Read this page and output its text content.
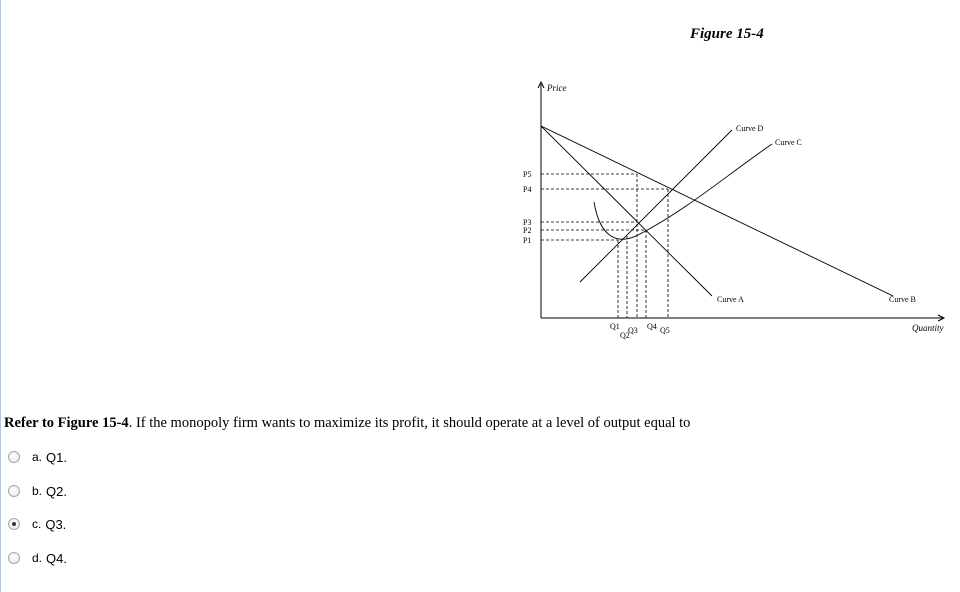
Figure 15-4
Price
Quantity
Curve D
Curve C
Curve A	Curve B
P5
P4
P3
P2
P1
Q1
Q2
Q3 Q4 Q5
Refer to Figure 15-4. If the monopoly firm wants to maximize its profit, it should operate at a level of output equal to
a. Q1.
b. Q2.
c. Q3.
d. Q4.
